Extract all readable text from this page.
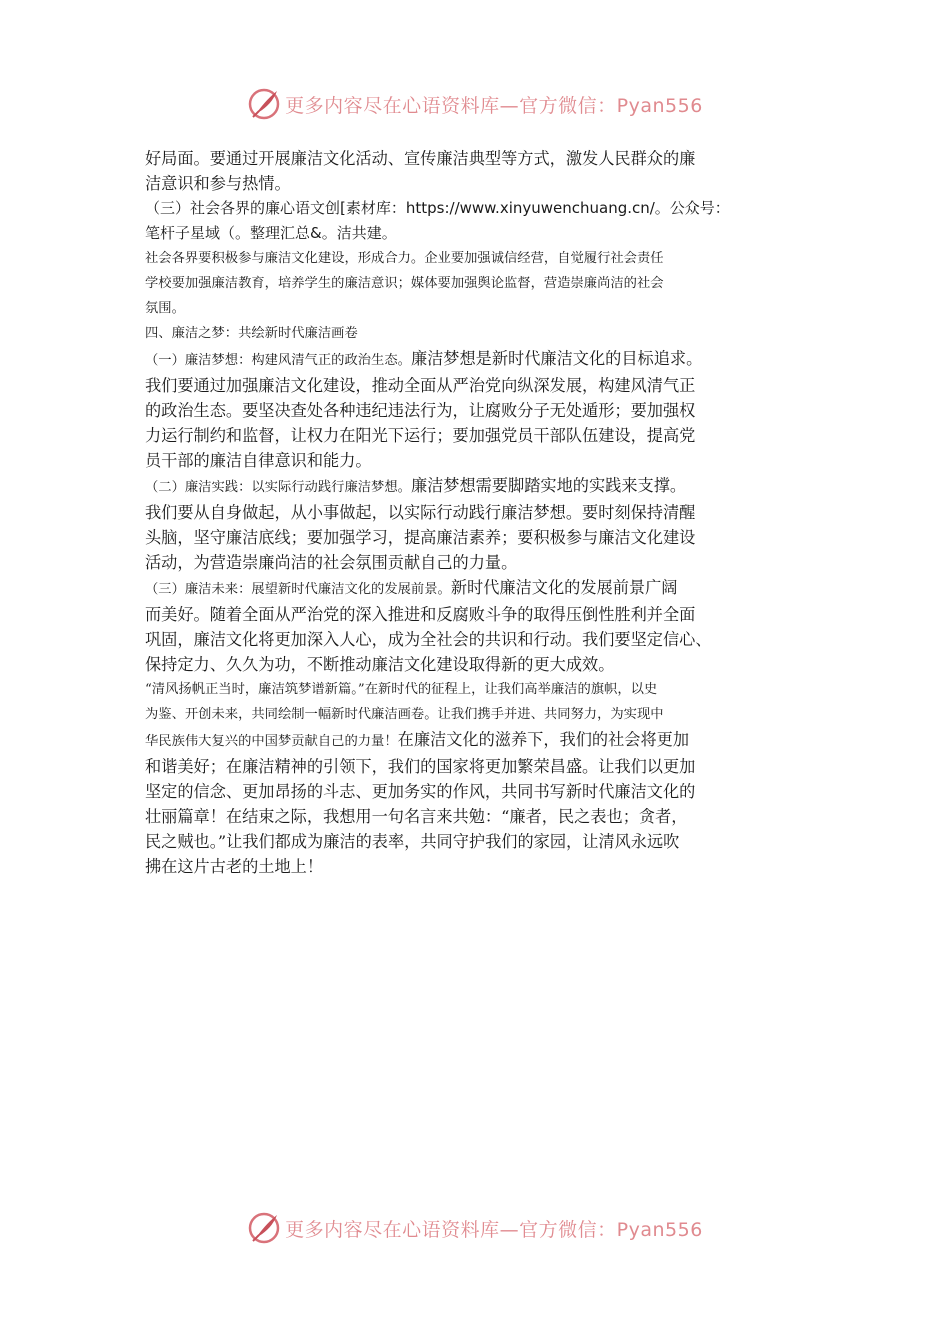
更多内容尽在心语资料库—官方微信：Pyan556
好局面。要通过开展廉洁文化活动、宣传廉洁典型等方式，激发人民群众的廉
洁意识和参与热情。
（三）社会各界的廉心语文创[素材库：https://www.xinyuwenchuang.cn/。公众号：
笔杆子星域（。整理汇总&。洁共建。
社会各界要积极参与廉洁文化建设，形成合力。企业要加强诚信经营，自觉履行社会责任
学校要加强廉洁教育，培养学生的廉洁意识；媒体要加强舆论监督，营造崇廉尚洁的社会
氛围。
四、廉洁之梦：共绘新时代廉洁画卷
（一）廉洁梦想：构建风清气正的政治生态。廉洁梦想是新时代廉洁文化的目标追求。
我们要通过加强廉洁文化建设，推动全面从严治党向纵深发展，构建风清气正
的政治生态。要坚决查处各种违纪违法行为，让腐败分子无处遁形；要加强权
力运行制约和监督，让权力在阳光下运行；要加强党员干部队伍建设，提高党
员干部的廉洁自律意识和能力。
（二）廉洁实践：以实际行动践行廉洁梦想。廉洁梦想需要脚踏实地的实践来支撑。
我们要从自身做起，从小事做起，以实际行动践行廉洁梦想。要时刻保持清醒
头脑，坚守廉洁底线；要加强学习，提高廉洁素养；要积极参与廉洁文化建设
活动，为营造崇廉尚洁的社会氛围贡献自己的力量。
（三）廉洁未来：展望新时代廉洁文化的发展前景。新时代廉洁文化的发展前景广阔
而美好。随着全面从严治党的深入推进和反腐败斗争的取得压倒性胜利并全面
巩固，廉洁文化将更加深入人心，成为全社会的共识和行动。我们要坚定信心、
保持定力、久久为功，不断推动廉洁文化建设取得新的更大成效。
“清风扬帆正当时，廉洁筑梦谱新篇。”在新时代的征程上，让我们高举廉洁的旗帜，以史
为鉴、开创未来，共同绘制一幅新时代廉洁画卷。让我们携手并进、共同努力，为实现中
华民族伟大复兴的中国梦贡献自己的力量！在廉洁文化的滋养下，我们的社会将更加
和谐美好；在廉洁精神的引领下，我们的国家将更加繁荣昌盛。让我们以更加
坚定的信念、更加昂扬的斗志、更加务实的作风，共同书写新时代廉洁文化的
壮丽篇章！在结束之际，我想用一句名言来共勉：“廉者，民之表也；贪者，
民之贼也。”让我们都成为廉洁的表率，共同守护我们的家园，让清风永远吹
拂在这片古老的土地上！
更多内容尽在心语资料库—官方微信：Pyan556
